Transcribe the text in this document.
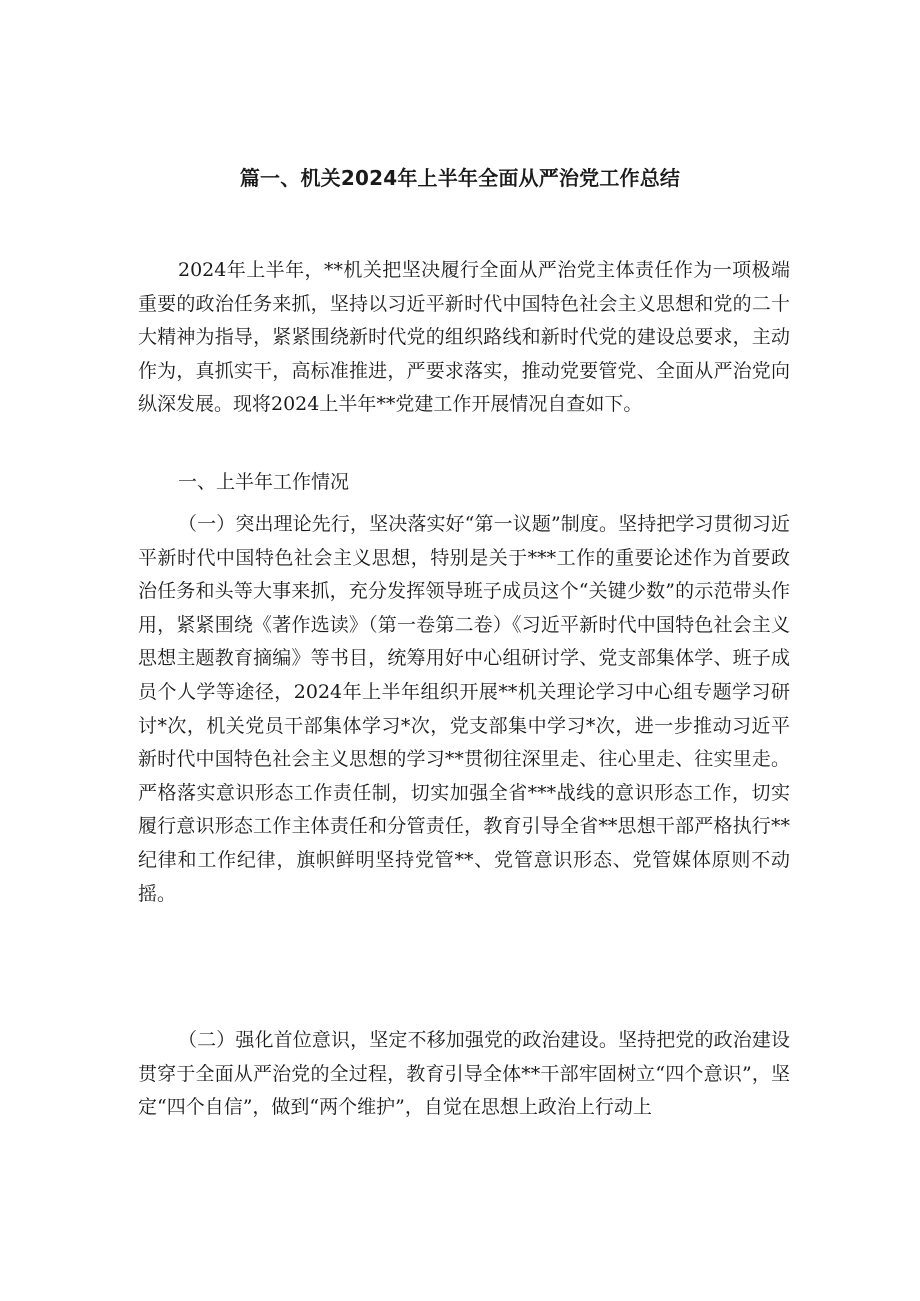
篇一、机关2024年上半年全面从严治党工作总结

2024年上半年，**机关把坚决履行全面从严治党主体责任作为一项极端重要的政治任务来抓，坚持以习近平新时代中国特色社会主义思想和党的二十大精神为指导，紧紧围绕新时代党的组织路线和新时代党的建设总要求，主动作为，真抓实干，高标准推进，严要求落实，推动党要管党、全面从严治党向纵深发展。现将2024上半年**党建工作开展情况自查如下。

一、上半年工作情况

（一）突出理论先行，坚决落实好“第一议题”制度。坚持把学习贯彻习近平新时代中国特色社会主义思想，特别是关于***工作的重要论述作为首要政治任务和头等大事来抓，充分发挥领导班子成员这个“关键少数”的示范带头作用，紧紧围绕《著作选读》（第一卷第二卷）《习近平新时代中国特色社会主义思想主题教育摘编》等书目，统筹用好中心组研讨学、党支部集体学、班子成员个人学等途径，2024年上半年组织开展**机关理论学习中心组专题学习研讨*次，机关党员干部集体学习*次，党支部集中学习*次，进一步推动习近平新时代中国特色社会主义思想的学习**贯彻往深里走、往心里走、往实里走。严格落实意识形态工作责任制，切实加强全省***战线的意识形态工作，切实履行意识形态工作主体责任和分管责任，教育引导全省**思想干部严格执行**纪律和工作纪律，旗帜鲜明坚持党管**、党管意识形态、党管媒体原则不动摇。

（二）强化首位意识，坚定不移加强党的政治建设。坚持把党的政治建设贯穿于全面从严治党的全过程，教育引导全体**干部牢固树立“四个意识”，坚定“四个自信”，做到“两个维护”，自觉在思想上政治上行动上
